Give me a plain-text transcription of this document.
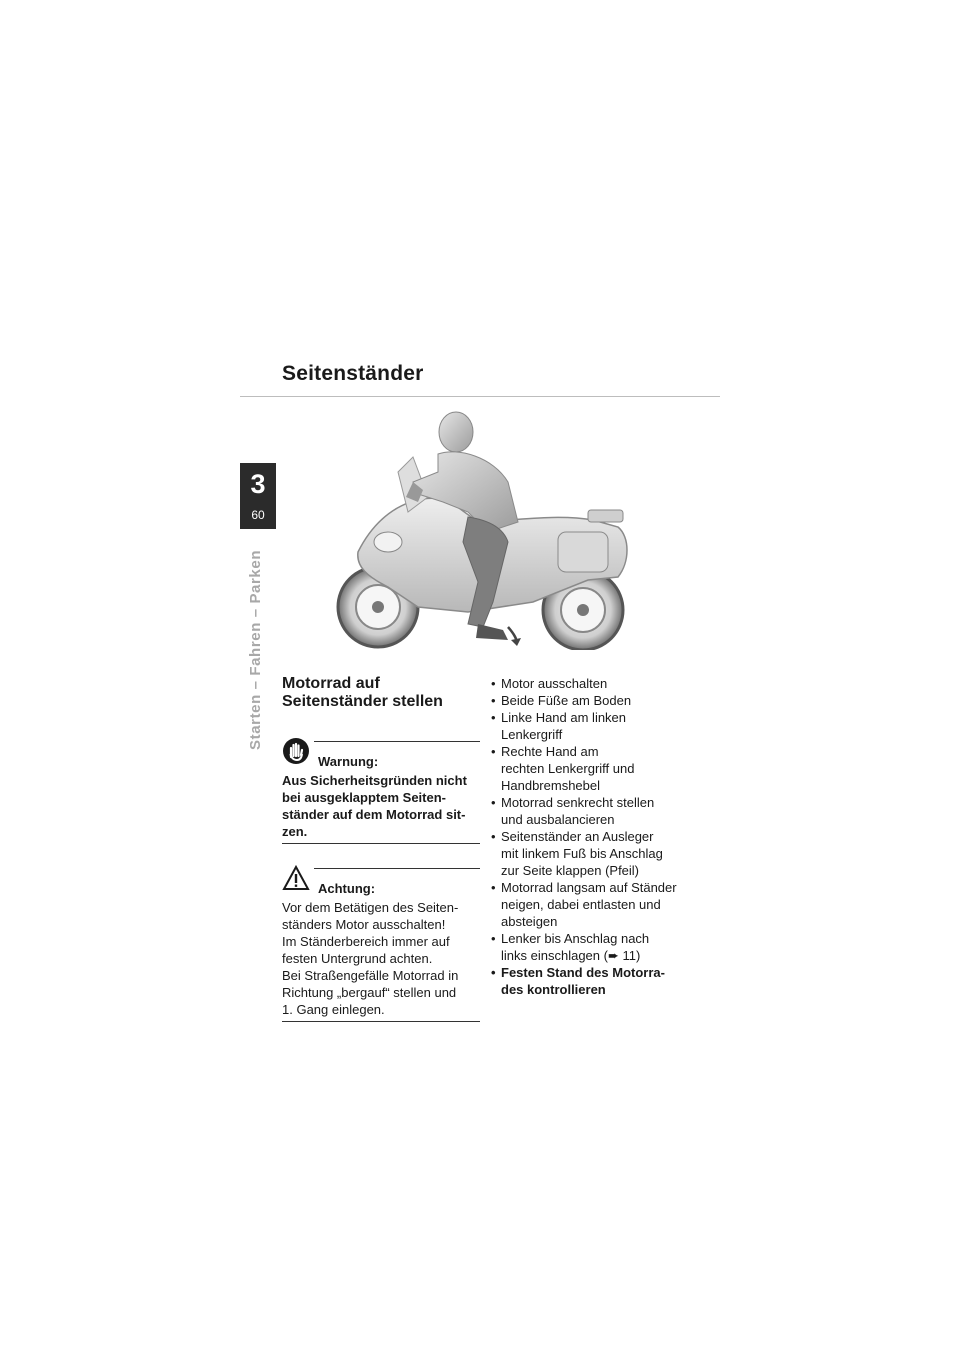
Seitenständer
3
60
Starten – Fahren – Parken Motorrad auf
Seitenständer stellen
Warnung:

Aus Sicherheitsgründen nicht

bei ausgeklapptem Seiten-

ständer auf dem Motorrad sit-

zen.

Achtung:

Vor dem Betätigen des Seiten-

ständers Motor ausschalten!

Im Ständerbereich immer auf

festen Untergrund achten.

Bei Straßengefälle Motorrad in

Richtung „bergauf“ stellen und

1. Gang einlegen.

• Motor ausschalten
• Beide Füße am Boden
• Linke Hand am linken
Lenkergriff
• Rechte Hand am
rechten Lenkergriff und
Handbremshebel
• Motorrad senkrecht stellen
und ausbalancieren
• Seitenständer an Ausleger
mit linkem Fuß bis Anschlag
zur Seite klappen (Pfeil)
• Motorrad langsam auf Ständer
neigen, dabei entlasten und
absteigen
• Lenker bis Anschlag nach
links einschlagen (➨ 11)
• Festen Stand des Motorra-
des kontrollieren
